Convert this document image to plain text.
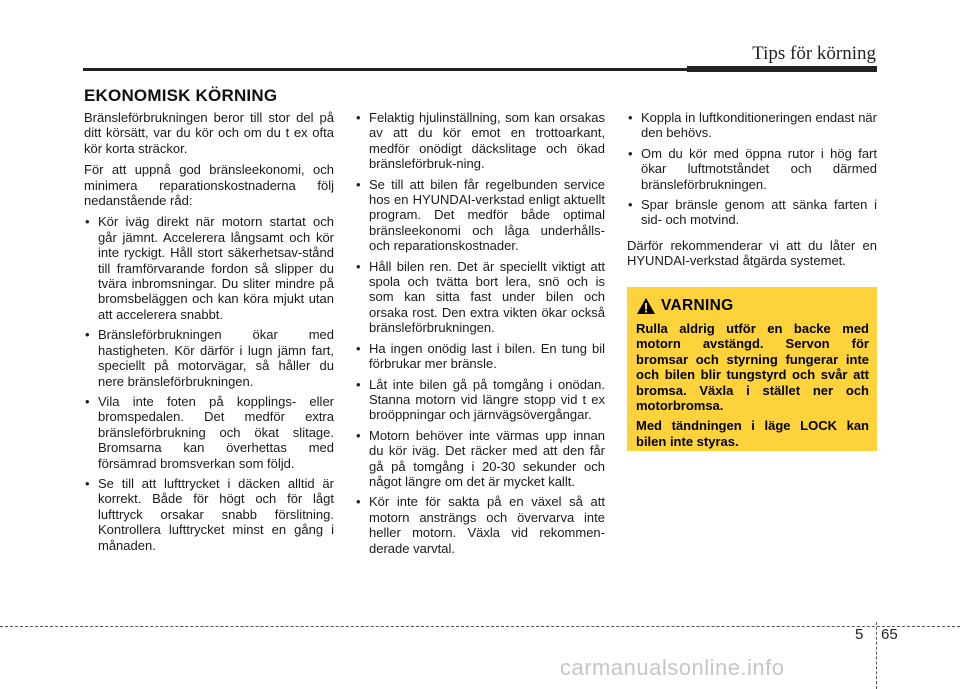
Tips för körning
EKONOMISK KÖRNING

Bränsleförbrukningen beror till stor del på ditt körsätt, var du kör och om du t ex ofta kör korta sträckor.

För att uppnå god bränsleekonomi, och minimera reparationskostnaderna följ nedanstående råd:

• Kör iväg direkt när motorn startat och går jämnt. Accelerera långsamt och kör inte ryckigt. Håll stort säkerhetsav-stånd till framförvarande fordon så slipper du tvära inbromsningar. Du sliter mindre på bromsbeläggen och kan köra mjukt utan att accelerera snabbt.
• Bränsleförbrukningen ökar med hastigheten. Kör därför i lugn jämn fart, speciellt på motorvägar, så håller du nere bränsleförbrukningen.
• Vila inte foten på kopplings- eller bromspedalen. Det medför extra bränsleförbrukning och ökat slitage. Bromsarna kan överhettas med försämrad bromsverkan som följd.
• Se till att lufttrycket i däcken alltid är korrekt. Både för högt och för lågt lufttryck orsakar snabb förslitning. Kontrollera lufttrycket minst en gång i månaden.
• Felaktig hjulinställning, som kan orsakas av att du kör emot en trottoarkant, medför onödigt däckslitage och ökad bränsleförbruk-ning.
• Se till att bilen får regelbunden service hos en HYUNDAI-verkstad enligt aktuellt program. Det medför både optimal bränsleekonomi och låga underhålls- och reparationskostnader.
• Håll bilen ren. Det är speciellt viktigt att spola och tvätta bort lera, snö och is som kan sitta fast under bilen och orsaka rost. Den extra vikten ökar också bränsleförbrukningen.
• Ha ingen onödig last i bilen. En tung bil förbrukar mer bränsle.
• Låt inte bilen gå på tomgång i onödan. Stanna motorn vid längre stopp vid t ex broöppningar och järnvägsövergångar.
• Motorn behöver inte värmas upp innan du kör iväg. Det räcker med att den får gå på tomgång i 20-30 sekunder och något längre om det är mycket kallt.
• Kör inte för sakta på en växel så att motorn ansträngs och övervarva inte heller motorn. Växla vid rekommen-derade varvtal.
• Koppla in luftkonditioneringen endast när den behövs.
• Om du kör med öppna rutor i hög fart ökar luftmotståndet och därmed bränsleförbrukningen.
• Spar bränsle genom att sänka farten i sid- och motvind.

Därför rekommenderar vi att du låter en HYUNDAI-verkstad åtgärda systemet.

VARNING

Rulla aldrig utför en backe med motorn avstängd. Servon för bromsar och styrning fungerar inte och bilen blir tungstyrd och svår att bromsa. Växla i stället ner och motorbromsa.

Med tändningen i läge LOCK kan bilen inte styras.

5 65
carmanualsonline.info
